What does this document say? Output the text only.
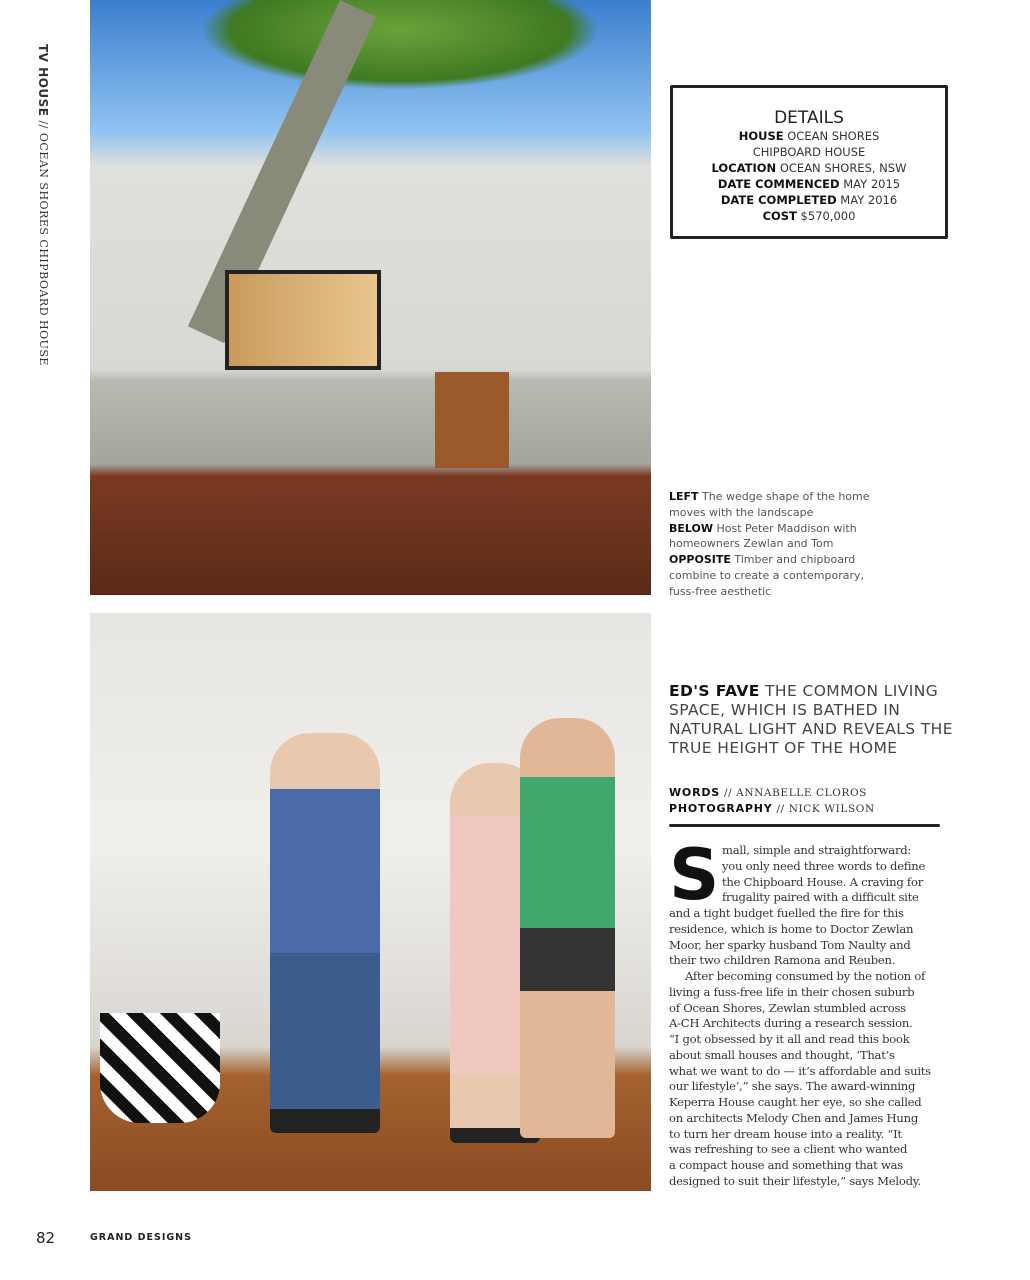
TV HOUSE // OCEAN SHORES CHIPBOARD HOUSE
DETAILS
HOUSE OCEAN SHORES
CHIPBOARD HOUSE
LOCATION OCEAN SHORES, NSW
DATE COMMENCED MAY 2015
DATE COMPLETED MAY 2016
COST $570,000
LEFT The wedge shape of the home
moves with the landscape
BELOW Host Peter Maddison with
homeowners Zewlan and Tom
OPPOSITE Timber and chipboard
combine to create a contemporary,
fuss-free aesthetic
ED'S FAVE THE COMMON LIVING SPACE, WHICH IS BATHED IN NATURAL LIGHT AND REVEALS THE TRUE HEIGHT OF THE HOME
WORDS // ANNABELLE CLOROS
PHOTOGRAPHY // NICK WILSON
S mall, simple and straightforward:
you only need three words to define
the Chipboard House. A craving for
frugality paired with a difficult site
and a tight budget fuelled the fire for this
residence, which is home to Doctor Zewlan
Moor, her sparky husband Tom Naulty and
their two children Ramona and Reuben.
After becoming consumed by the notion of
living a fuss-free life in their chosen suburb
of Ocean Shores, Zewlan stumbled across
A-CH Architects during a research session.
“I got obsessed by it all and read this book
about small houses and thought, ‘That’s
what we want to do — it’s affordable and suits
our lifestyle’,” she says. The award-winning
Keperra House caught her eye, so she called
on architects Melody Chen and James Hung
to turn her dream house into a reality. “It
was refreshing to see a client who wanted
a compact house and something that was
designed to suit their lifestyle,” says Melody.
82	GRAND DESIGNS
